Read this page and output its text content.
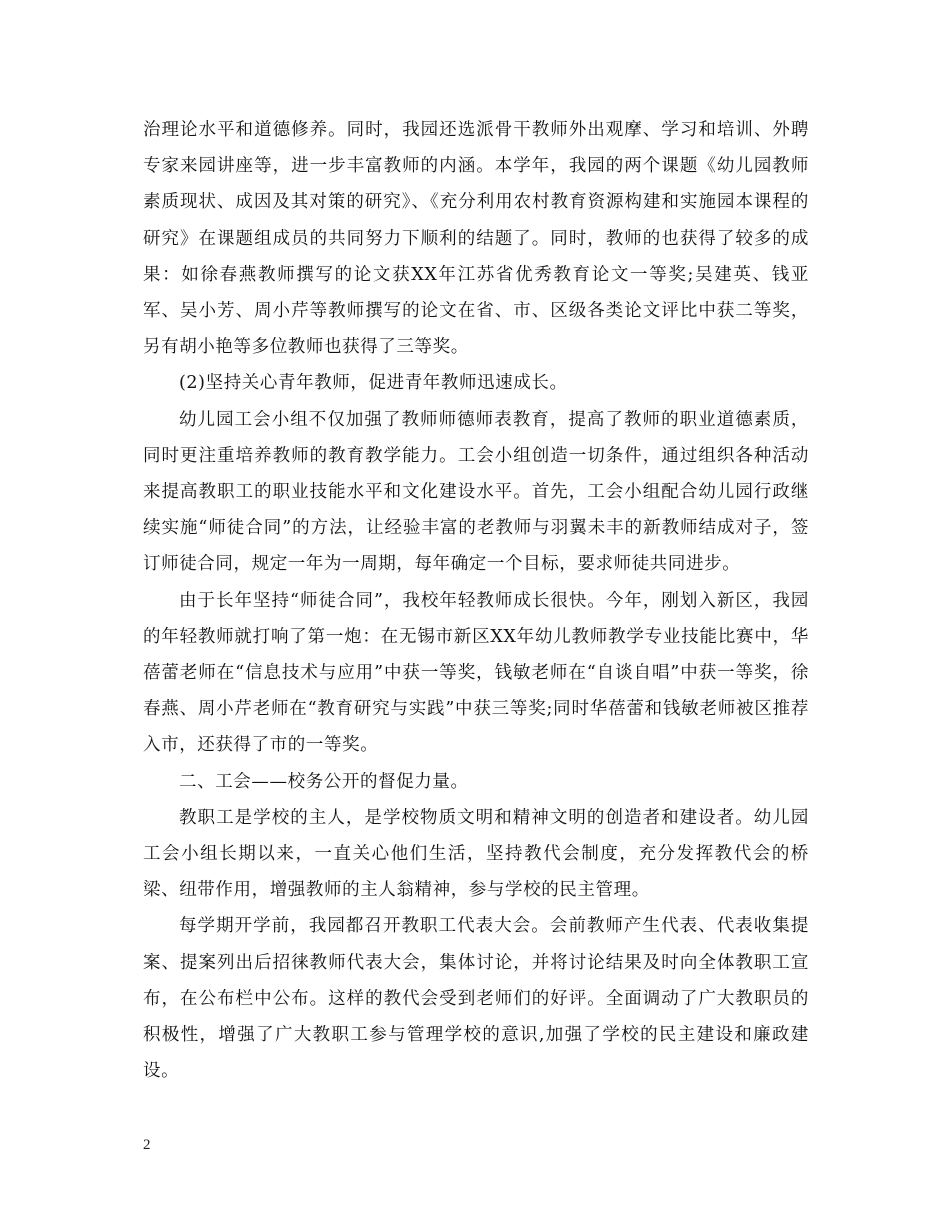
治理论水平和道德修养。同时，我园还选派骨干教师外出观摩、学习和培训、外聘专家来园讲座等，进一步丰富教师的内涵。本学年，我园的两个课题《幼儿园教师素质现状、成因及其对策的研究》、《充分利用农村教育资源构建和实施园本课程的研究》在课题组成员的共同努力下顺利的结题了。同时，教师的也获得了较多的成果：如徐春燕教师撰写的论文获XX年江苏省优秀教育论文一等奖;吴建英、钱亚军、吴小芳、周小芹等教师撰写的论文在省、市、区级各类论文评比中获二等奖，另有胡小艳等多位教师也获得了三等奖。

(2)坚持关心青年教师，促进青年教师迅速成长。

幼儿园工会小组不仅加强了教师师德师表教育，提高了教师的职业道德素质，同时更注重培养教师的教育教学能力。工会小组创造一切条件，通过组织各种活动来提高教职工的职业技能水平和文化建设水平。首先，工会小组配合幼儿园行政继续实施“师徒合同”的方法，让经验丰富的老教师与羽翼未丰的新教师结成对子，签订师徒合同，规定一年为一周期，每年确定一个目标，要求师徒共同进步。

由于长年坚持“师徒合同”，我校年轻教师成长很快。今年，刚划入新区，我园的年轻教师就打响了第一炮：在无锡市新区XX年幼儿教师教学专业技能比赛中，华蓓蕾老师在“信息技术与应用”中获一等奖，钱敏老师在“自谈自唱”中获一等奖，徐春燕、周小芹老师在“教育研究与实践”中获三等奖;同时华蓓蕾和钱敏老师被区推荐入市，还获得了市的一等奖。

二、工会——校务公开的督促力量。

教职工是学校的主人，是学校物质文明和精神文明的创造者和建设者。幼儿园工会小组长期以来，一直关心他们生活，坚持教代会制度，充分发挥教代会的桥梁、纽带作用，增强教师的主人翁精神，参与学校的民主管理。

每学期开学前，我园都召开教职工代表大会。会前教师产生代表、代表收集提案、提案列出后招徕教师代表大会，集体讨论，并将讨论结果及时向全体教职工宣布，在公布栏中公布。这样的教代会受到老师们的好评。全面调动了广大教职员的积极性，增强了广大教职工参与管理学校的意识,加强了学校的民主建设和廉政建设。

2
